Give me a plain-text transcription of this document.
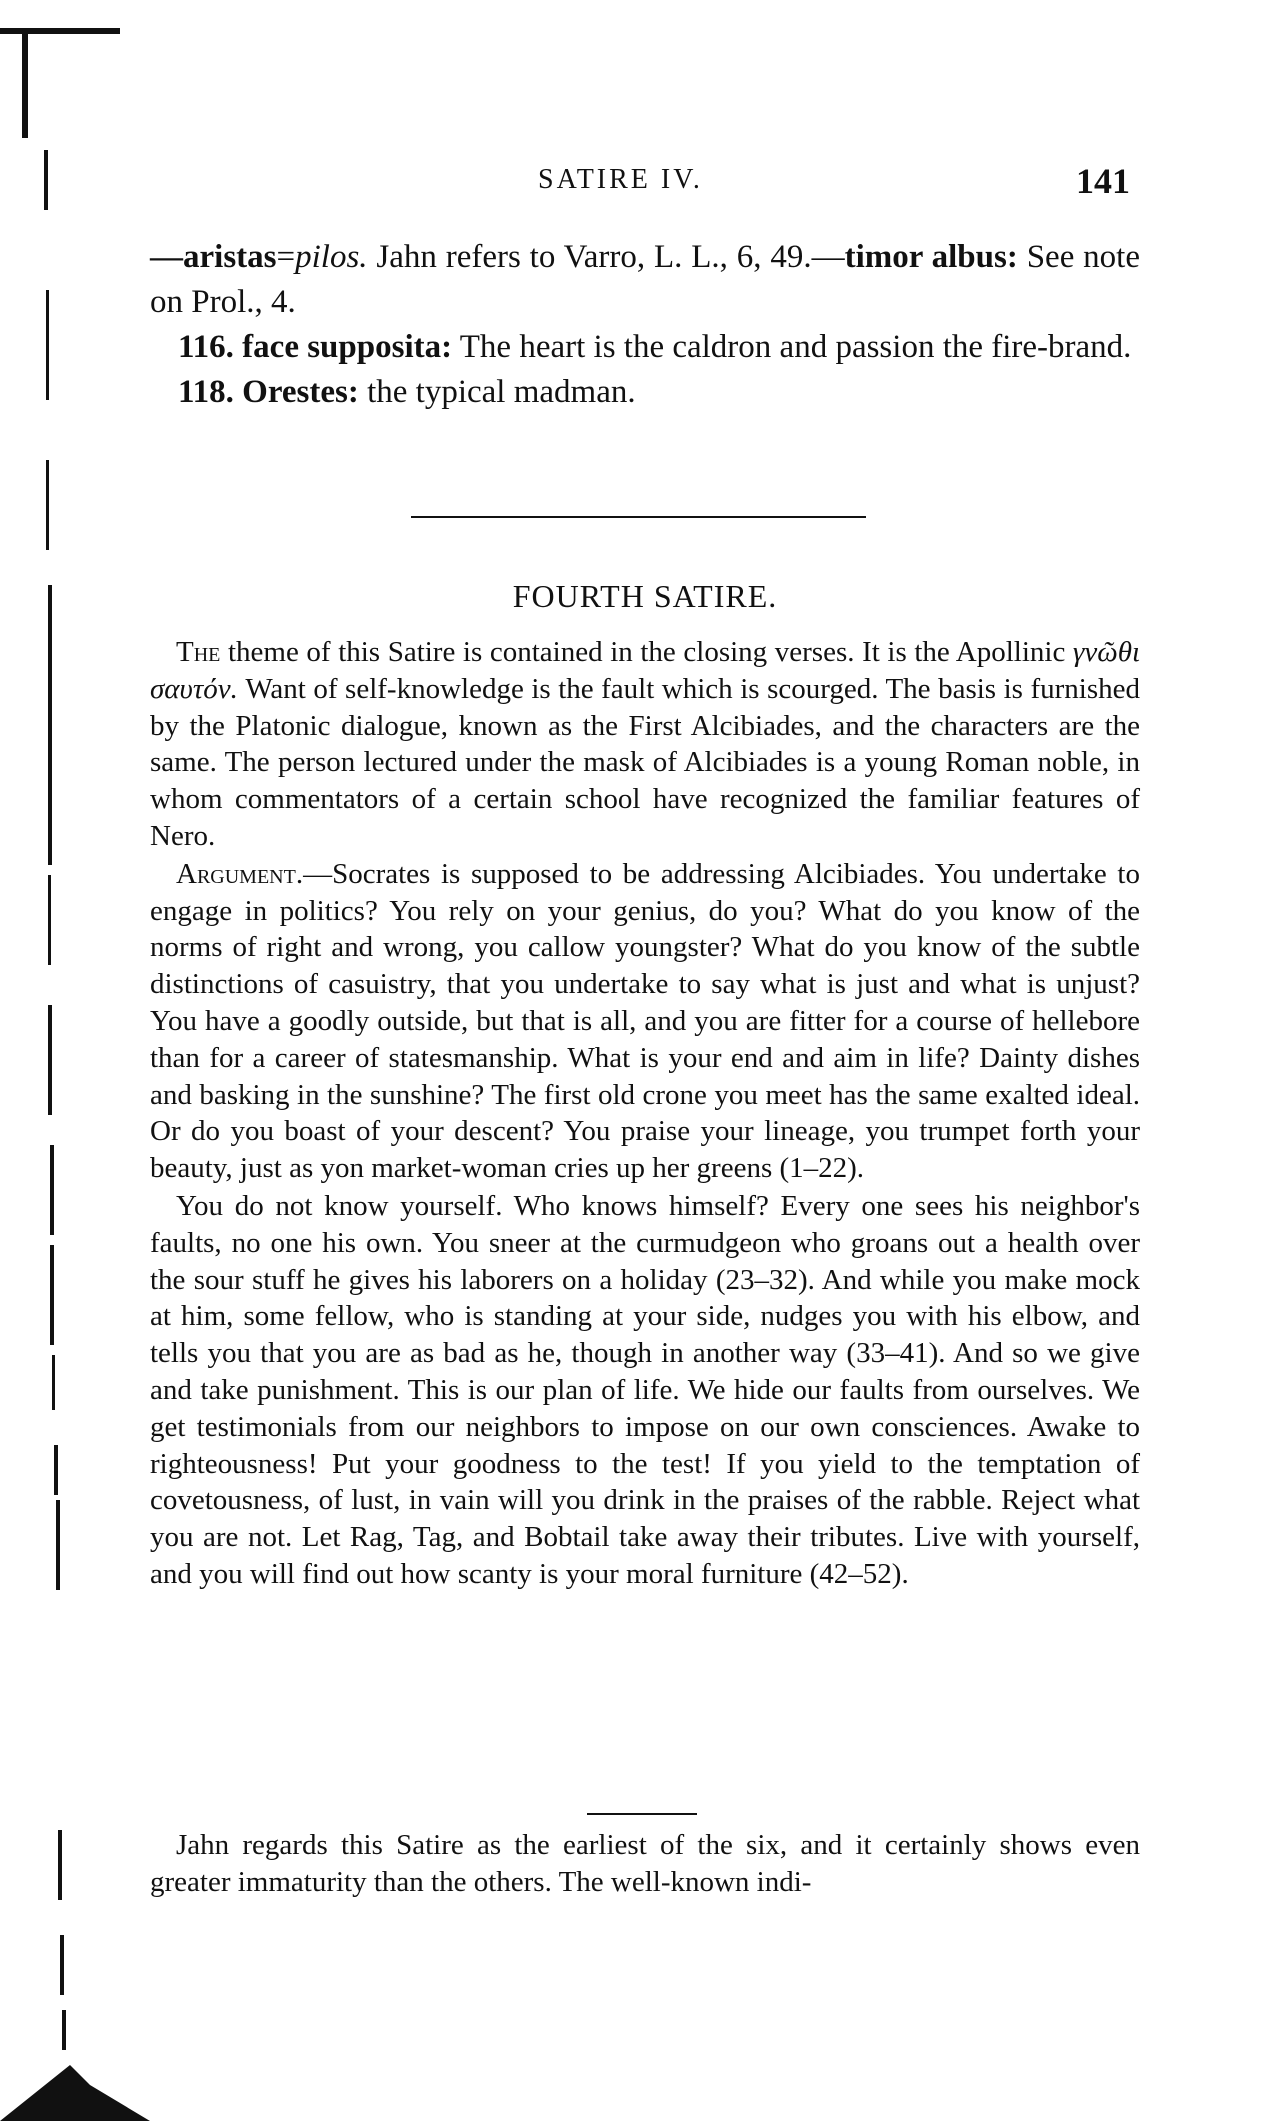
SATIRE IV.	141

—aristas=pilos. Jahn refers to Varro, L. L., 6, 49.—timor albus: See note on Prol., 4.

116. face supposita: The heart is the caldron and passion the fire-brand.

118. Orestes: the typical madman.

FOURTH SATIRE.

The theme of this Satire is contained in the closing verses. It is the Apollinic γνῶθι σαυτόν. Want of self-knowledge is the fault which is scourged. The basis is furnished by the Platonic dialogue, known as the First Alcibiades, and the characters are the same. The person lectured under the mask of Alcibiades is a young Roman noble, in whom commentators of a certain school have recognized the familiar features of Nero.

Argument.—Socrates is supposed to be addressing Alcibiades. You undertake to engage in politics? You rely on your genius, do you? What do you know of the norms of right and wrong, you callow youngster? What do you know of the subtle distinctions of casuistry, that you undertake to say what is just and what is unjust? You have a goodly outside, but that is all, and you are fitter for a course of hellebore than for a career of statesmanship. What is your end and aim in life? Dainty dishes and basking in the sunshine? The first old crone you meet has the same exalted ideal. Or do you boast of your descent? You praise your lineage, you trumpet forth your beauty, just as yon market-woman cries up her greens (1–22).

You do not know yourself. Who knows himself? Every one sees his neighbor's faults, no one his own. You sneer at the curmudgeon who groans out a health over the sour stuff he gives his laborers on a holiday (23–32). And while you make mock at him, some fellow, who is standing at your side, nudges you with his elbow, and tells you that you are as bad as he, though in another way (33–41). And so we give and take punishment. This is our plan of life. We hide our faults from ourselves. We get testimonials from our neighbors to impose on our own consciences. Awake to righteousness! Put your goodness to the test! If you yield to the temptation of covetousness, of lust, in vain will you drink in the praises of the rabble. Reject what you are not. Let Rag, Tag, and Bobtail take away their tributes. Live with yourself, and you will find out how scanty is your moral furniture (42–52).

Jahn regards this Satire as the earliest of the six, and it certainly shows even greater immaturity than the others. The well-known indi-
